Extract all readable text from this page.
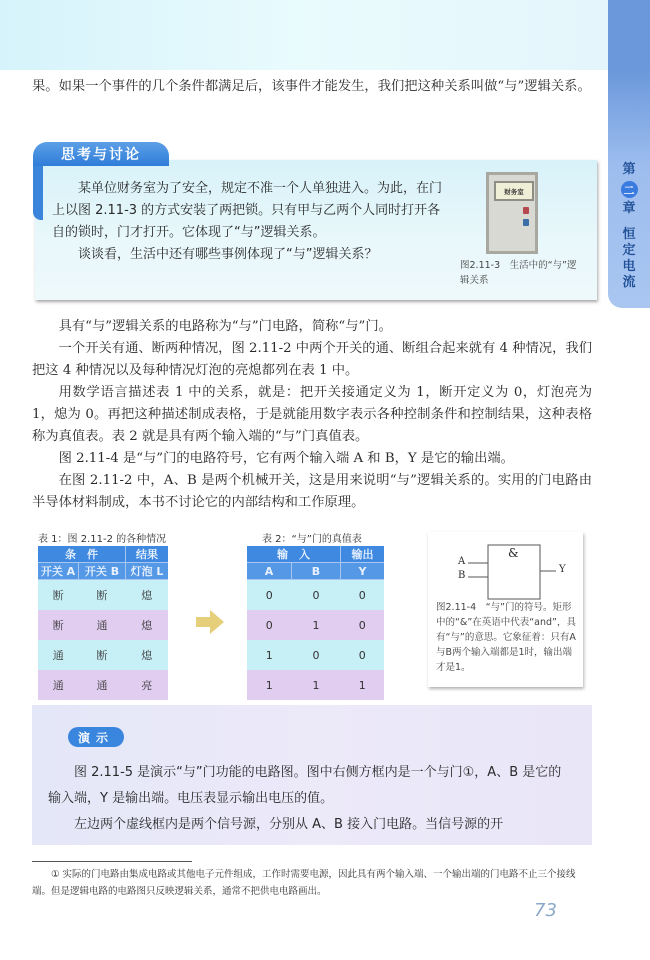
第
二
章
恒
定
电
流

果。如果一个事件的几个条件都满足后，该事件才能发生，我们把这种关系叫做“与”逻辑关系。

思考与讨论

某单位财务室为了安全，规定不准一个人单独进入。为此，在门上以图 2.11-3 的方式安装了两把锁。只有甲与乙两个人同时打开各自的锁时，门才打开。它体现了“与”逻辑关系。

谈谈看，生活中还有哪些事例体现了“与”逻辑关系？

财务室
图2.11-3　生活中的“与”逻辑关系

具有“与”逻辑关系的电路称为“与”门电路，简称“与”门。

一个开关有通、断两种情况，图 2.11-2 中两个开关的通、断组合起来就有 4 种情况，我们把这 4 种情况以及每种情况灯泡的亮熄都列在表 1 中。

用数学语言描述表 1 中的关系，就是：把开关接通定义为 1，断开定义为 0，灯泡亮为 1，熄为 0。再把这种描述制成表格，于是就能用数字表示各种控制条件和控制结果，这种表格称为真值表。表 2 就是具有两个输入端的“与”门真值表。

图 2.11-4 是“与”门的电路符号，它有两个输入端 A 和 B，Y 是它的输出端。

在图 2.11-2 中，A、B 是两个机械开关，这是用来说明“与”逻辑关系的。实用的门电路由半导体材料制成，本书不讨论它的内部结构和工作原理。

表 1：图 2.11-2 的各种情况
条　件		结果
开关 A	开关 B	灯泡 L
断	断	熄
断	通	熄
通	断	熄
通	通	亮
表 2：“与”门的真值表
输　入		输出
A	B	Y
0	0	0
0	1	0
1	0	0
1	1	1
&
A
B
Y
图2.11-4　“与”门的符号。矩形中的“&”在英语中代表“and”，具有“与”的意思。它象征着：只有A与B两个输入端都是1时，输出端才是1。
演示

图 2.11-5 是演示“与”门功能的电路图。图中右侧方框内是一个与门①，A、B 是它的输入端，Y 是输出端。电压表显示输出电压的值。

左边两个虚线框内是两个信号源，分别从 A、B 接入门电路。当信号源的开

① 实际的门电路由集成电路或其他电子元件组成，工作时需要电源，因此具有两个输入端、一个输出端的门电路不止三个接线端。但是逻辑电路的电路图只反映逻辑关系，通常不把供电电路画出。

73
